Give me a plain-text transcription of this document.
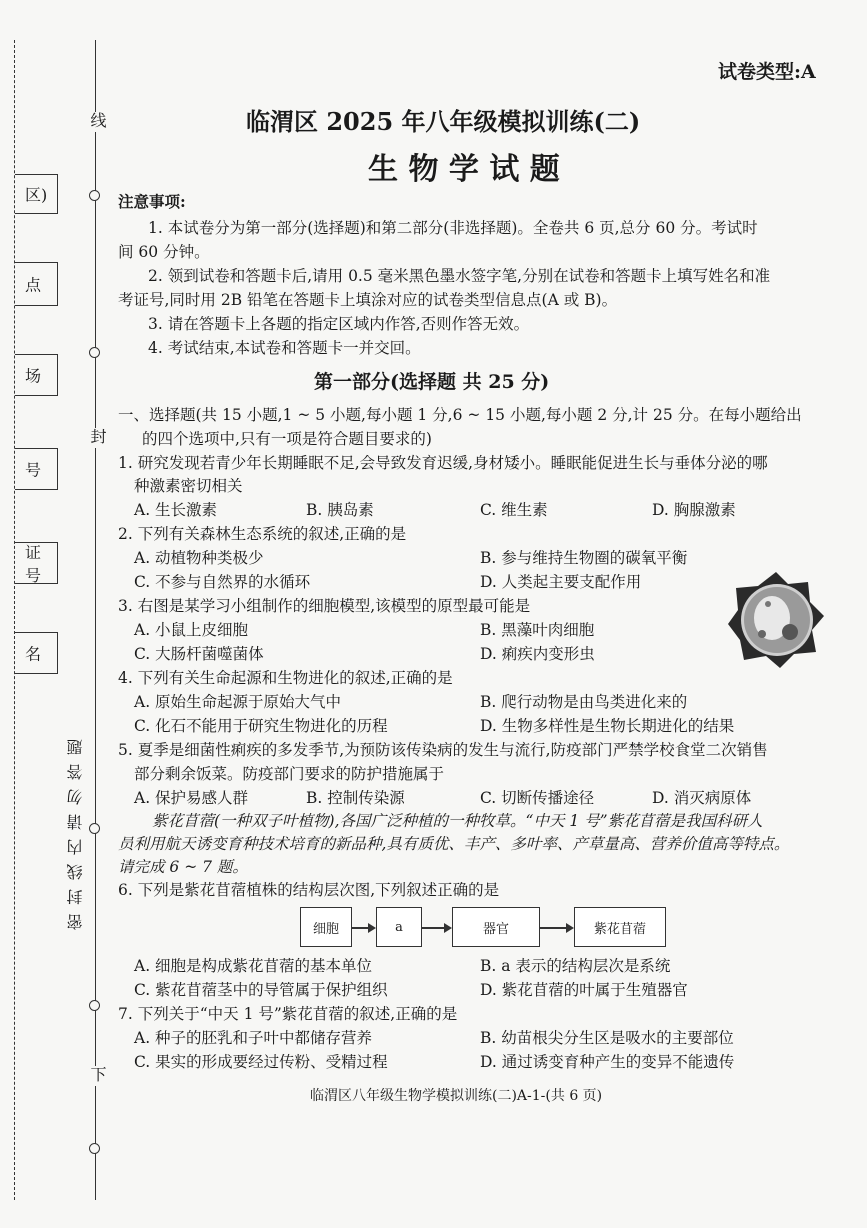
线
封
密封线内请勿答题
下
区)
点
场
号
证 号
名
试卷类型:A
临渭区 2025 年八年级模拟训练(二)
生 物 学 试 题
注意事项:
1. 本试卷分为第一部分(选择题)和第二部分(非选择题)。全卷共 6 页,总分 60 分。考试时
间 60 分钟。
2. 领到试卷和答题卡后,请用 0.5 毫米黑色墨水签字笔,分别在试卷和答题卡上填写姓名和准
考证号,同时用 2B 铅笔在答题卡上填涂对应的试卷类型信息点(A 或 B)。
3. 请在答题卡上各题的指定区域内作答,否则作答无效。
4. 考试结束,本试卷和答题卡一并交回。
第一部分(选择题 共 25 分)
一、选择题(共 15 小题,1 ~ 5 小题,每小题 1 分,6 ~ 15 小题,每小题 2 分,计 25 分。在每小题给出
的四个选项中,只有一项是符合题目要求的)
1. 研究发现若青少年长期睡眠不足,会导致发育迟缓,身材矮小。睡眠能促进生长与垂体分泌的哪
种激素密切相关
A. 生长激素	B. 胰岛素	C. 维生素	D. 胸腺激素
2. 下列有关森林生态系统的叙述,正确的是
A. 动植物种类极少	B. 参与维持生物圈的碳氧平衡
C. 不参与自然界的水循环	D. 人类起主要支配作用
3. 右图是某学习小组制作的细胞模型,该模型的原型最可能是
A. 小鼠上皮细胞	B. 黑藻叶肉细胞
C. 大肠杆菌噬菌体	D. 痢疾内变形虫
4. 下列有关生命起源和生物进化的叙述,正确的是
A. 原始生命起源于原始大气中	B. 爬行动物是由鸟类进化来的
C. 化石不能用于研究生物进化的历程	D. 生物多样性是生物长期进化的结果
5. 夏季是细菌性痢疾的多发季节,为预防该传染病的发生与流行,防疫部门严禁学校食堂二次销售
部分剩余饭菜。防疫部门要求的防护措施属于
A. 保护易感人群	B. 控制传染源	C. 切断传播途径	D. 消灭病原体
紫花苜蓿(一种双子叶植物),各国广泛种植的一种牧草。“中天 1 号”紫花苜蓿是我国科研人
员利用航天诱变育种技术培育的新品种,具有质优、丰产、多叶率、产草量高、营养价值高等特点。
请完成 6 ~ 7 题。
6. 下列是紫花苜蓿植株的结构层次图,下列叙述正确的是
细胞	a	器官	紫花苜蓿
A. 细胞是构成紫花苜蓿的基本单位	B. a 表示的结构层次是系统
C. 紫花苜蓿茎中的导管属于保护组织	D. 紫花苜蓿的叶属于生殖器官
7. 下列关于“中天 1 号”紫花苜蓿的叙述,正确的是
A. 种子的胚乳和子叶中都储存营养	B. 幼苗根尖分生区是吸水的主要部位
C. 果实的形成要经过传粉、受精过程	D. 通过诱变育种产生的变异不能遗传
临渭区八年级生物学模拟训练(二)A-1-(共 6 页)
